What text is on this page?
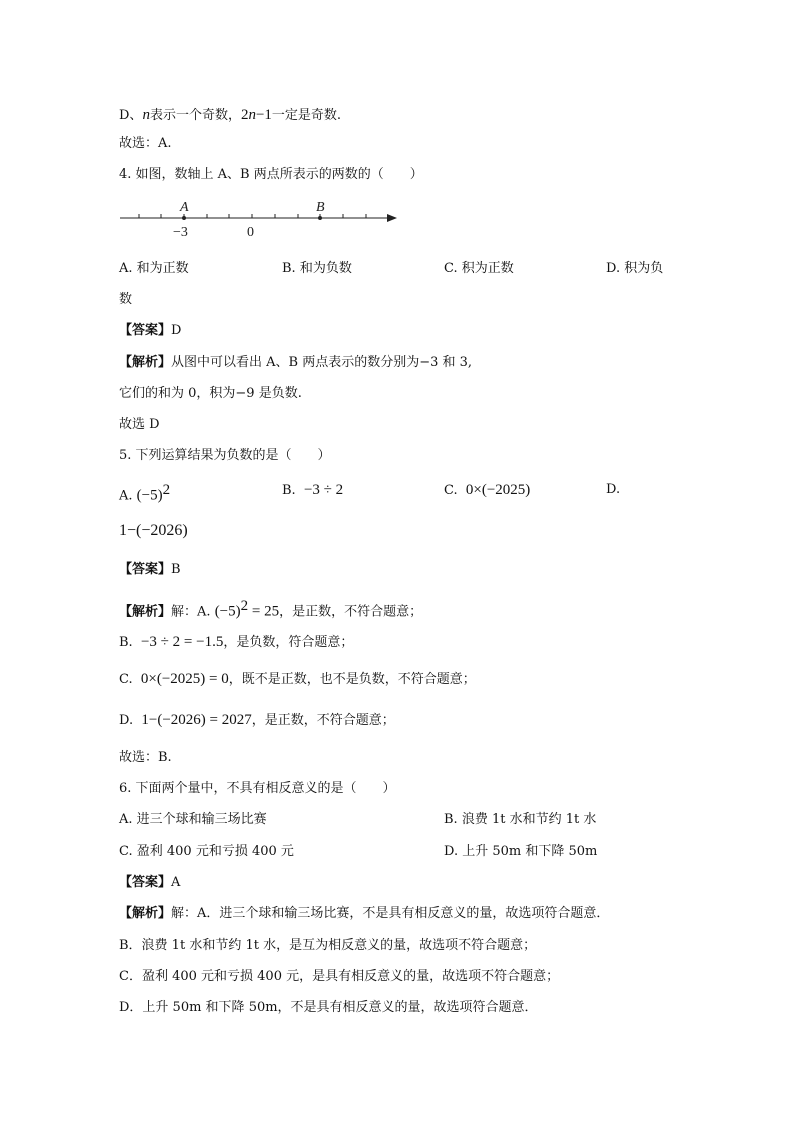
D、n表示一个奇数，2n−1一定是奇数.
故选：A.
4. 如图，数轴上 A、B 两点所表示的两数的（　　）
A	B
−3	0
A. 和为正数	B. 和为负数	C. 积为正数	D. 积为负
数
【答案】D
【解析】从图中可以看出 A、B 两点表示的数分别为−3 和 3,
它们的和为 0，积为−9 是负数.
故选 D
5. 下列运算结果为负数的是（　　）
A. $(-5)^2$	B. −3 ÷ 2	C. 0×(−2025)	D.
1−(−2026)
【答案】B
【解析】解：A. $(-5)^2 = 25$，是正数，不符合题意；
B. −3 ÷ 2 = −1.5，是负数，符合题意；
C. 0×(−2025) = 0，既不是正数，也不是负数，不符合题意；
D. 1−(−2026) = 2027，是正数，不符合题意；
故选：B.
6. 下面两个量中，不具有相反意义的是（　　）
A. 进三个球和输三场比赛	B. 浪费 1t 水和节约 1t 水
C. 盈利 400 元和亏损 400 元	D. 上升 50m 和下降 50m
【答案】A
【解析】解：A．进三个球和输三场比赛，不是具有相反意义的量，故选项符合题意．
B．浪费 1t 水和节约 1t 水，是互为相反意义的量，故选项不符合题意；
C．盈利 400 元和亏损 400 元，是具有相反意义的量，故选项不符合题意；
D．上升 50m 和下降 50m，不是具有相反意义的量，故选项符合题意．
